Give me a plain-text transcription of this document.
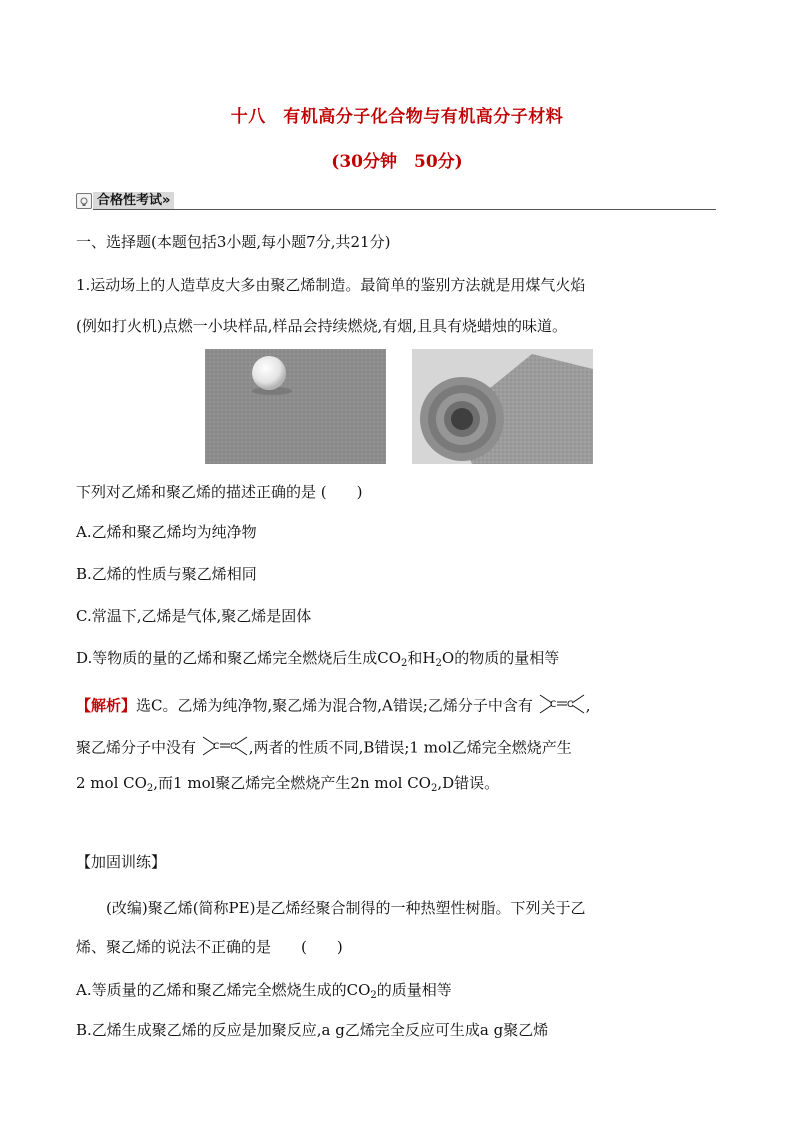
十八　有机高分子化合物与有机高分子材料
(30分钟　50分)
合格性考试»
一、选择题(本题包括3小题,每小题7分,共21分)
1.运动场上的人造草皮大多由聚乙烯制造。最简单的鉴别方法就是用煤气火焰
(例如打火机)点燃一小块样品,样品会持续燃烧,有烟,且具有烧蜡烛的味道。
下列对乙烯和聚乙烯的描述正确的是 (　　)
A.乙烯和聚乙烯均为纯净物
B.乙烯的性质与聚乙烯相同
C.常温下,乙烯是气体,聚乙烯是固体
D.等物质的量的乙烯和聚乙烯完全燃烧后生成$CO_2$和$H_2O$的物质的量相等
【解析】选C。乙烯为纯净物,聚乙烯为混合物,A错误;乙烯分子中含有 C C ,
聚乙烯分子中没有 C C ,两者的性质不同,B错误;1 mol乙烯完全燃烧产生
2 mol $CO_2$,而1 mol聚乙烯完全燃烧产生2n mol $CO_2,D$错误。
【加固训练】
　　(改编)聚乙烯(简称PE)是乙烯经聚合制得的一种热塑性树脂。下列关于乙
烯、聚乙烯的说法不正确的是　　(　　)
A.等质量的乙烯和聚乙烯完全燃烧生成的$CO_2$的质量相等
B.乙烯生成聚乙烯的反应是加聚反应,a g乙烯完全反应可生成a g聚乙烯
